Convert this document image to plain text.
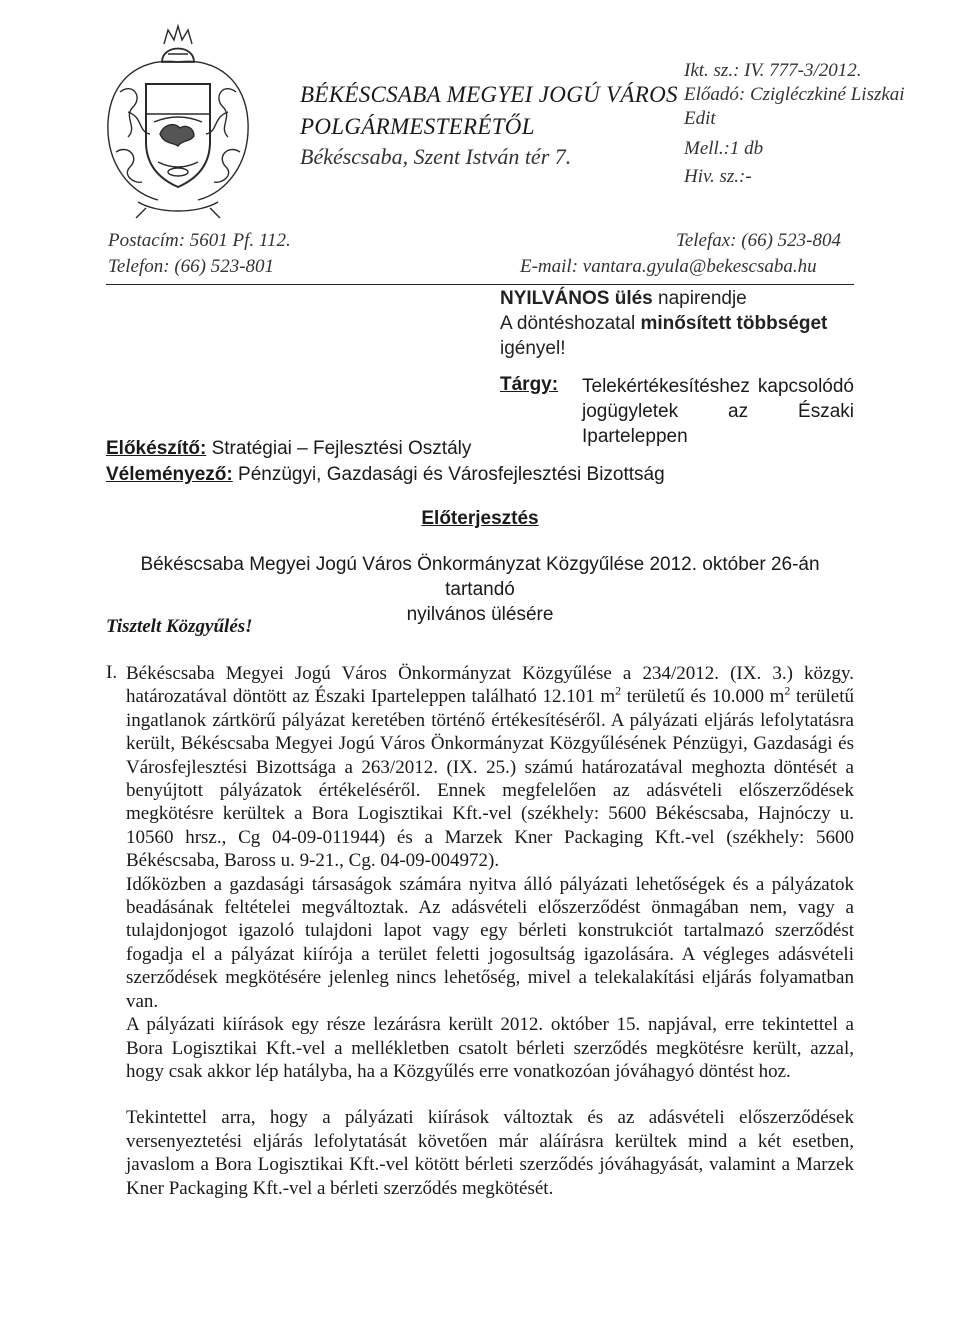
BÉKÉSCSABA MEGYEI JOGÚ VÁROS
POLGÁRMESTERÉTŐL
Békéscsaba, Szent István tér 7.
Ikt. sz.: IV. 777-3/2012.
Előadó: Czigléczkiné Liszkai
Edit
Mell.:1 db
Hiv. sz.:-
Postacím: 5601 Pf. 112.
Telefon: (66) 523-801
Telefax: (66) 523-804
E-mail: vantara.gyula@bekescsaba.hu
NYILVÁNOS ülés napirendje
A döntéshozatal minősített többséget
igényel!
Tárgy: Telekértékesítéshez kapcsolódó jogügyletek az Északi Iparteleppen
Előkészítő: Stratégiai – Fejlesztési Osztály
Véleményező: Pénzügyi, Gazdasági és Városfejlesztési Bizottság
Előterjesztés
Békéscsaba Megyei Jogú Város Önkormányzat Közgyűlése 2012. október 26-án tartandó
nyilvános ülésére
Tisztelt Közgyűlés!
I. Békéscsaba Megyei Jogú Város Önkormányzat Közgyűlése a 234/2012. (IX. 3.) közgy. határozatával döntött az Északi Iparteleppen található 12.101 $m^2$ területű és 10.000 $m^2$ területű ingatlanok zártkörű pályázat keretében történő értékesítéséről. A pályázati eljárás lefolytatásra került, Békéscsaba Megyei Jogú Város Önkormányzat Közgyűlésének Pénzügyi, Gazdasági és Városfejlesztési Bizottsága a 263/2012. (IX. 25.) számú határozatával meghozta döntését a benyújtott pályázatok értékeléséről. Ennek megfelelően az adásvételi előszerződések megkötésre kerültek a Bora Logisztikai Kft.-vel (székhely: 5600 Békéscsaba, Hajnóczy u. 10560 hrsz., Cg 04-09-011944) és a Marzek Kner Packaging Kft.-vel (székhely: 5600 Békéscsaba, Baross u. 9-21., Cg. 04-09-004972).

Időközben a gazdasági társaságok számára nyitva álló pályázati lehetőségek és a pályázatok beadásának feltételei megváltoztak. Az adásvételi előszerződést önmagában nem, vagy a tulajdonjogot igazoló tulajdoni lapot vagy egy bérleti konstrukciót tartalmazó szerződést fogadja el a pályázat kiírója a terület feletti jogosultság igazolására. A végleges adásvételi szerződések megkötésére jelenleg nincs lehetőség, mivel a telekalakítási eljárás folyamatban van.

A pályázati kiírások egy része lezárásra került 2012. október 15. napjával, erre tekintettel a Bora Logisztikai Kft.-vel a mellékletben csatolt bérleti szerződés megkötésre került, azzal, hogy csak akkor lép hatályba, ha a Közgyűlés erre vonatkozóan jóváhagyó döntést hoz.

Tekintettel arra, hogy a pályázati kiírások változtak és az adásvételi előszerződések versenyeztetési eljárás lefolytatását követően már aláírásra kerültek mind a két esetben, javaslom a Bora Logisztikai Kft.-vel kötött bérleti szerződés jóváhagyását, valamint a Marzek Kner Packaging Kft.-vel a bérleti szerződés megkötését.
